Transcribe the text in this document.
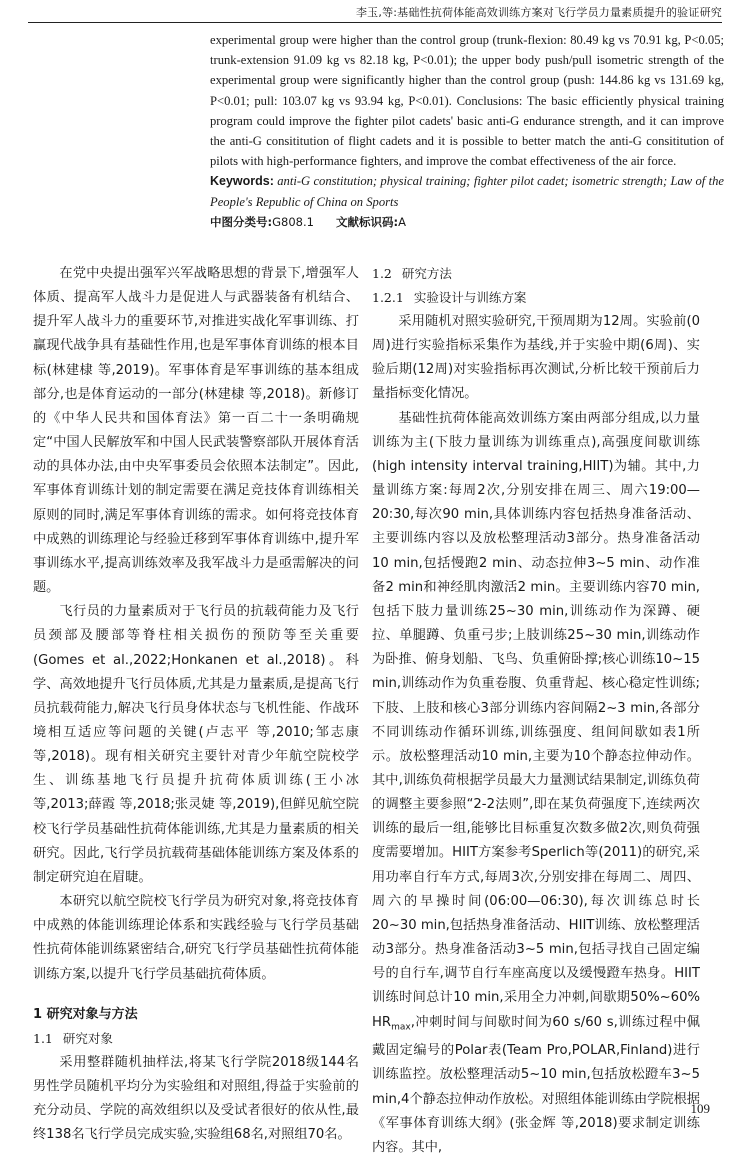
李玉,等:基础性抗荷体能高效训练方案对飞行学员力量素质提升的验证研究

experimental group were higher than the control group (trunk-flexion: 80.49 kg vs 70.91 kg, P<0.05; trunk-extension 91.09 kg vs 82.18 kg, P<0.01); the upper body push/pull isometric strength of the experimental group were significantly higher than the control group (push: 144.86 kg vs 131.69 kg, P<0.01; pull: 103.07 kg vs 93.94 kg, P<0.01). Conclusions: The basic efficiently physical training program could improve the fighter pilot cadets' basic anti-G endurance strength, and it can improve the anti-G consititution of flight cadets and it is possible to better match the anti-G consititution of pilots with high-performance fighters, and improve the combat effectiveness of the air force.

Keywords: anti-G constitution; physical training; fighter pilot cadet; isometric strength; Law of the People's Republic of China on Sports

中图分类号:G808.1 文献标识码:A

在党中央提出强军兴军战略思想的背景下,增强军人体质、提高军人战斗力是促进人与武器装备有机结合、提升军人战斗力的重要环节,对推进实战化军事训练、打赢现代战争具有基础性作用,也是军事体育训练的根本目标(林建棣 等,2019)。军事体育是军事训练的基本组成部分,也是体育运动的一部分(林建棣 等,2018)。新修订的《中华人民共和国体育法》第一百二十一条明确规定“中国人民解放军和中国人民武装警察部队开展体育活动的具体办法,由中央军事委员会依照本法制定”。因此,军事体育训练计划的制定需要在满足竞技体育训练相关原则的同时,满足军事体育训练的需求。如何将竞技体育中成熟的训练理论与经验迁移到军事体育训练中,提升军事训练水平,提高训练效率及我军战斗力是亟需解决的问题。

飞行员的力量素质对于飞行员的抗载荷能力及飞行员颈部及腰部等脊柱相关损伤的预防等至关重要(Gomes et al.,2022;Honkanen et al.,2018)。科学、高效地提升飞行员体质,尤其是力量素质,是提高飞行员抗载荷能力,解决飞行员身体状态与飞机性能、作战环境相互适应等问题的关键(卢志平 等,2010;邹志康 等,2018)。现有相关研究主要针对青少年航空院校学生、训练基地飞行员提升抗荷体质训练(王小冰 等,2013;薛霞 等,2018;张灵婕 等,2019),但鲜见航空院校飞行学员基础性抗荷体能训练,尤其是力量素质的相关研究。因此,飞行学员抗载荷基础体能训练方案及体系的制定研究迫在眉睫。

本研究以航空院校飞行学员为研究对象,将竞技体育中成熟的体能训练理论体系和实践经验与飞行学员基础性抗荷体能训练紧密结合,研究飞行学员基础性抗荷体能训练方案,以提升飞行学员基础抗荷体质。

1 研究对象与方法
1.1 研究对象

采用整群随机抽样法,将某飞行学院2018级144名男性学员随机平均分为实验组和对照组,得益于实验前的充分动员、学院的高效组织以及受试者很好的依从性,最终138名飞行学员完成实验,实验组68名,对照组70名。

1.2 研究方法
1.2.1 实验设计与训练方案

采用随机对照实验研究,干预周期为12周。实验前(0周)进行实验指标采集作为基线,并于实验中期(6周)、实验后期(12周)对实验指标再次测试,分析比较干预前后力量指标变化情况。

基础性抗荷体能高效训练方案由两部分组成,以力量训练为主(下肢力量训练为训练重点),高强度间歇训练(high intensity interval training,HIIT)为辅。其中,力量训练方案:每周2次,分别安排在周三、周六19:00—20:30,每次90 min,具体训练内容包括热身准备活动、主要训练内容以及放松整理活动3部分。热身准备活动10 min,包括慢跑2 min、动态拉伸3~5 min、动作准备2 min和神经肌肉激活2 min。主要训练内容70 min,包括下肢力量训练25~30 min,训练动作为深蹲、硬拉、单腿蹲、负重弓步;上肢训练25~30 min,训练动作为卧推、俯身划船、飞鸟、负重俯卧撑;核心训练10~15 min,训练动作为负重卷腹、负重背起、核心稳定性训练;下肢、上肢和核心3部分训练内容间隔2~3 min,各部分不同训练动作循环训练,训练强度、组间间歇如表1所示。放松整理活动10 min,主要为10个静态拉伸动作。其中,训练负荷根据学员最大力量测试结果制定,训练负荷的调整主要参照“2-2法则”,即在某负荷强度下,连续两次训练的最后一组,能够比目标重复次数多做2次,则负荷强度需要增加。HIIT方案参考Sperlich等(2011)的研究,采用功率自行车方式,每周3次,分别安排在每周二、周四、周六的早操时间(06:00—06:30),每次训练总时长20~30 min,包括热身准备活动、HIIT训练、放松整理活动3部分。热身准备活动3~5 min,包括寻找自己固定编号的自行车,调节自行车座高度以及缓慢蹬车热身。HIIT训练时间总计10 min,采用全力冲刺,间歇期50%~60% $HR_{max}$,冲刺时间与间歇时间为60 s/60 s,训练过程中佩戴固定编号的Polar表(Team Pro,POLAR,Finland)进行训练监控。放松整理活动5~10 min,包括放松蹬车3~5 min,4个静态拉伸动作放松。对照组体能训练由学院根据《军事体育训练大纲》(张金辉 等,2018)要求制定训练内容。其中,

109
